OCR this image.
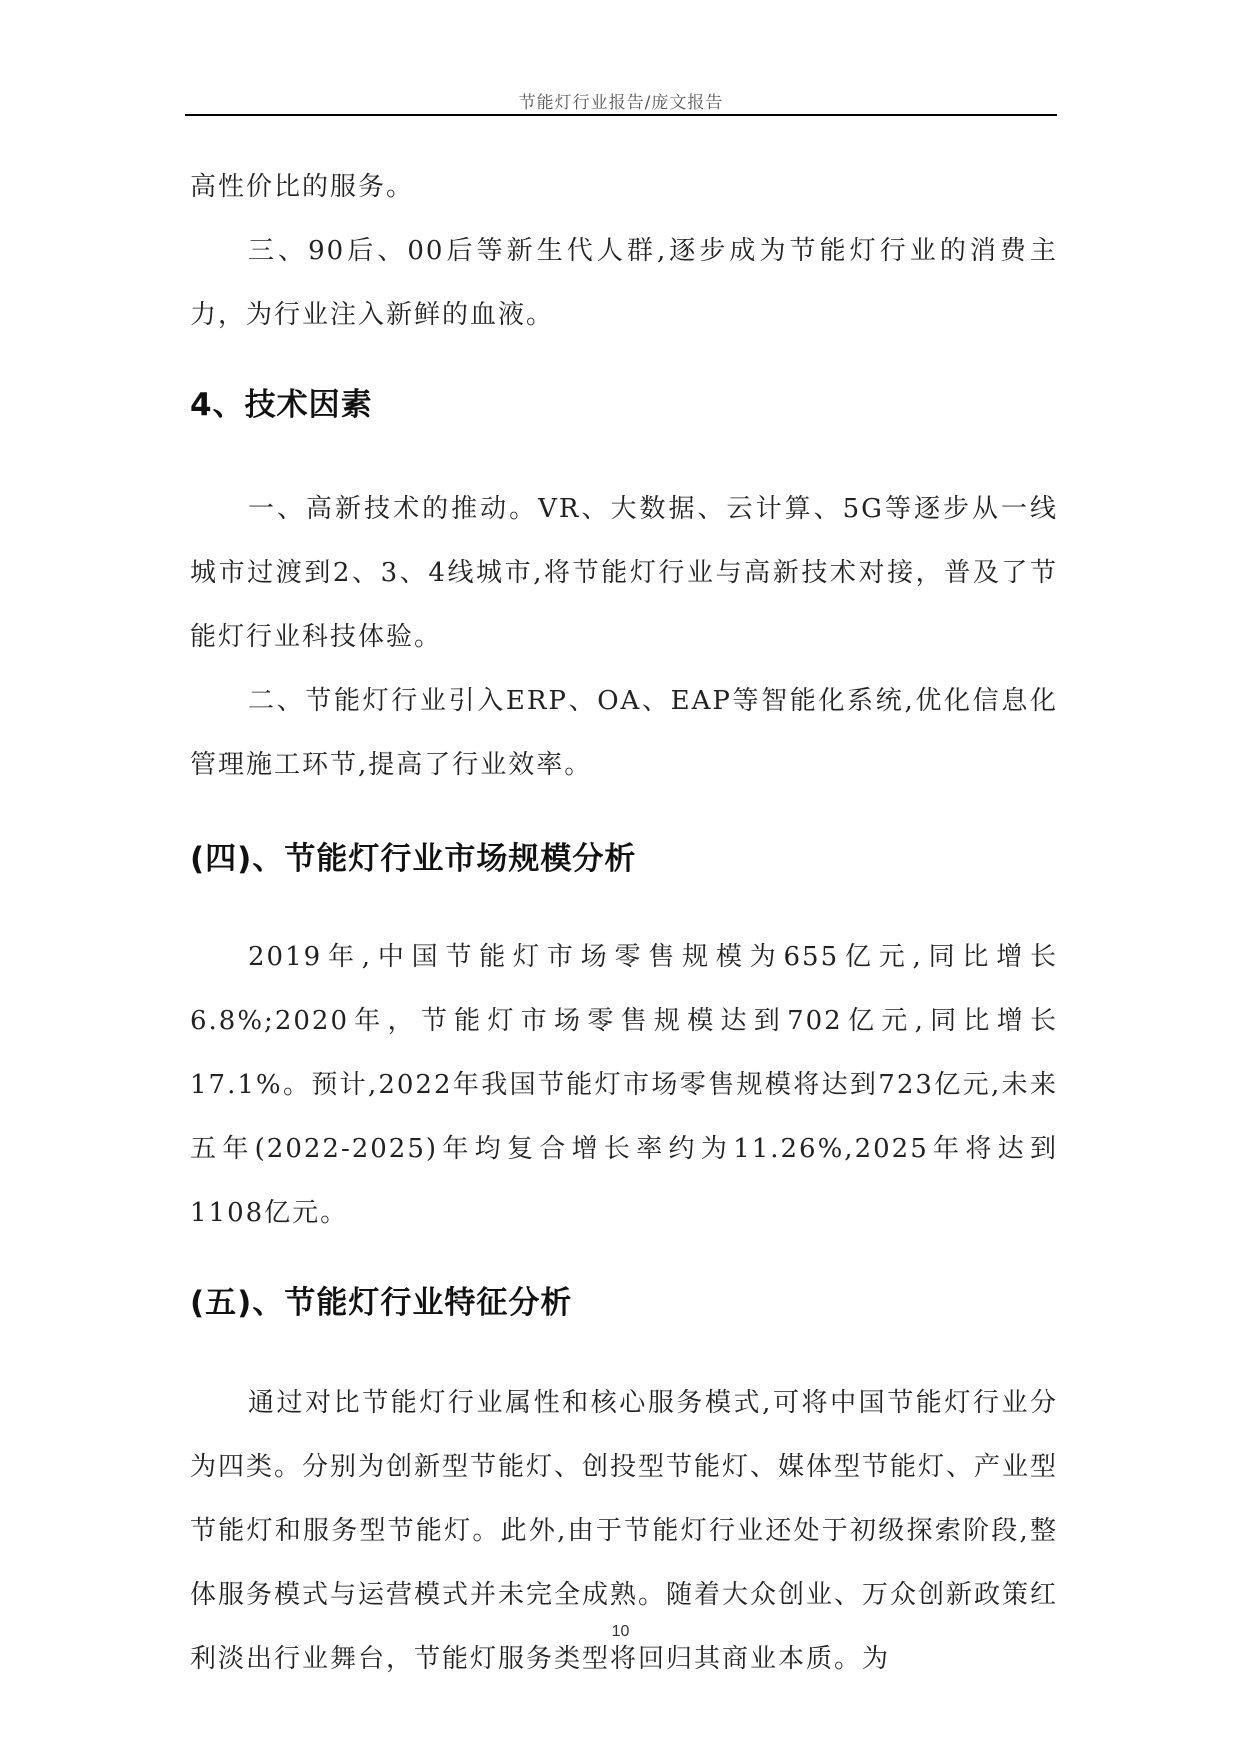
节能灯行业报告/庞文报告

高性价比的服务。

三、90后、00后等新生代人群,逐步成为节能灯行业的消费主力，为行业注入新鲜的血液。

4、技术因素

一、高新技术的推动。VR、大数据、云计算、5G等逐步从一线城市过渡到2、3、4线城市,将节能灯行业与高新技术对接，普及了节能灯行业科技体验。

二、节能灯行业引入ERP、OA、EAP等智能化系统,优化信息化管理施工环节,提高了行业效率。

(四)、节能灯行业市场规模分析

2019年,中国节能灯市场零售规模为655亿元,同比增长6.8%;2020年，节能灯市场零售规模达到702亿元,同比增长17.1%。预计,2022年我国节能灯市场零售规模将达到723亿元,未来五年(2022-2025)年均复合增长率约为11.26%,2025年将达到1108亿元。

(五)、节能灯行业特征分析

通过对比节能灯行业属性和核心服务模式,可将中国节能灯行业分为四类。分别为创新型节能灯、创投型节能灯、媒体型节能灯、产业型节能灯和服务型节能灯。此外,由于节能灯行业还处于初级探索阶段,整体服务模式与运营模式并未完全成熟。随着大众创业、万众创新政策红利淡出行业舞台，节能灯服务类型将回归其商业本质。为

10
